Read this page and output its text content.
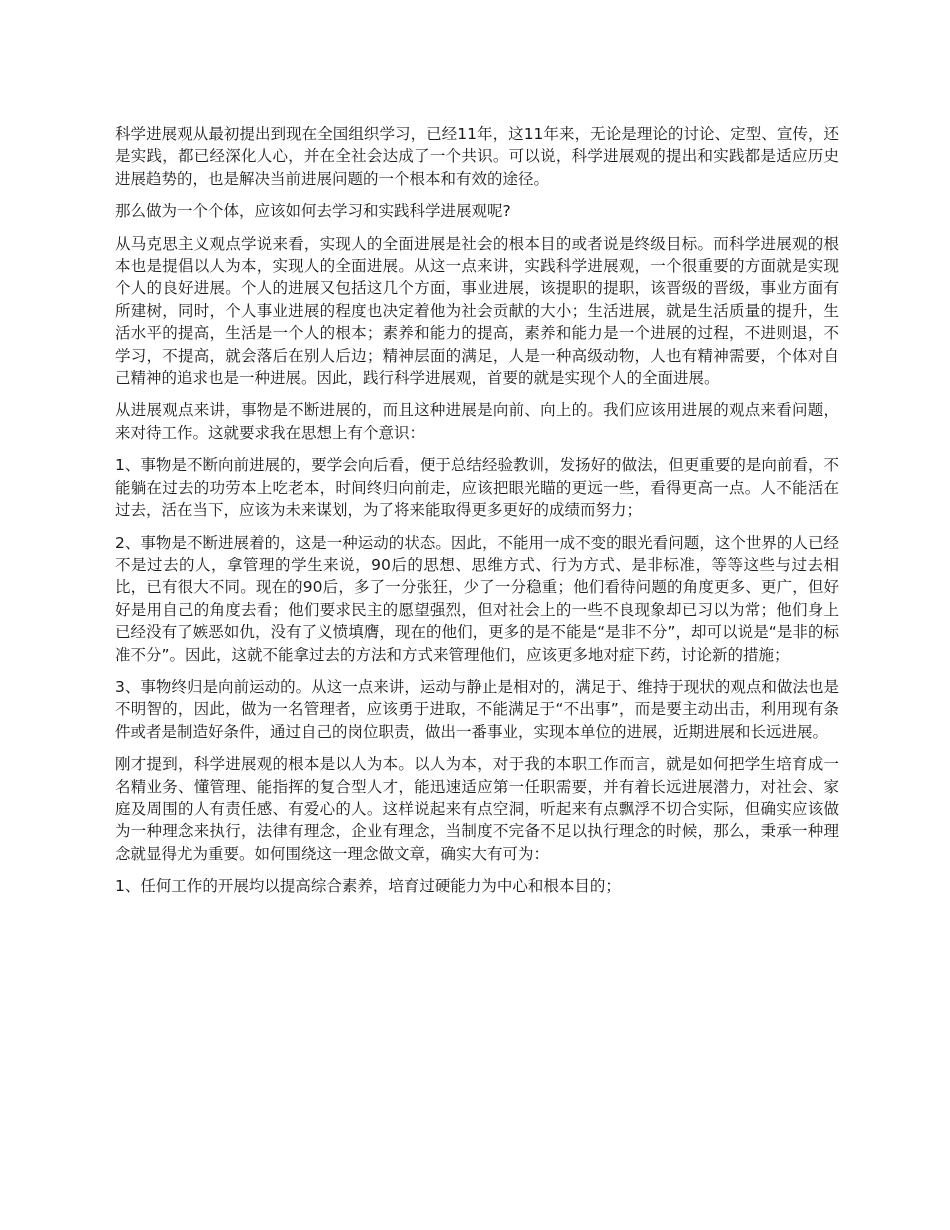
科学进展观从最初提出到现在全国组织学习，已经11年，这11年来，无论是理论的讨论、定型、宣传，还是实践，都已经深化人心，并在全社会达成了一个共识。可以说，科学进展观的提出和实践都是适应历史进展趋势的，也是解决当前进展问题的一个根本和有效的途径。

那么做为一个个体，应该如何去学习和实践科学进展观呢?

从马克思主义观点学说来看，实现人的全面进展是社会的根本目的或者说是终级目标。而科学进展观的根本也是提倡以人为本，实现人的全面进展。从这一点来讲，实践科学进展观，一个很重要的方面就是实现个人的良好进展。个人的进展又包括这几个方面，事业进展，该提职的提职，该晋级的晋级，事业方面有所建树，同时，个人事业进展的程度也决定着他为社会贡献的大小；生活进展，就是生活质量的提升，生活水平的提高，生活是一个人的根本；素养和能力的提高，素养和能力是一个进展的过程，不进则退，不学习，不提高，就会落后在别人后边；精神层面的满足，人是一种高级动物，人也有精神需要，个体对自己精神的追求也是一种进展。因此，践行科学进展观，首要的就是实现个人的全面进展。

从进展观点来讲，事物是不断进展的，而且这种进展是向前、向上的。我们应该用进展的观点来看问题，来对待工作。这就要求我在思想上有个意识：

1、事物是不断向前进展的，要学会向后看，便于总结经验教训，发扬好的做法，但更重要的是向前看，不能躺在过去的功劳本上吃老本，时间终归向前走，应该把眼光瞄的更远一些，看得更高一点。人不能活在过去，活在当下，应该为未来谋划，为了将来能取得更多更好的成绩而努力；

2、事物是不断进展着的，这是一种运动的状态。因此，不能用一成不变的眼光看问题，这个世界的人已经不是过去的人，拿管理的学生来说，90后的思想、思维方式、行为方式、是非标准，等等这些与过去相比，已有很大不同。现在的90后，多了一分张狂，少了一分稳重；他们看待问题的角度更多、更广，但好好是用自己的角度去看；他们要求民主的愿望强烈，但对社会上的一些不良现象却已习以为常；他们身上已经没有了嫉恶如仇，没有了义愤填膺，现在的他们，更多的是不能是“是非不分”，却可以说是“是非的标准不分”。因此，这就不能拿过去的方法和方式来管理他们，应该更多地对症下药，讨论新的措施；

3、事物终归是向前运动的。从这一点来讲，运动与静止是相对的，满足于、维持于现状的观点和做法也是不明智的，因此，做为一名管理者，应该勇于进取，不能满足于“不出事”，而是要主动出击，利用现有条件或者是制造好条件，通过自己的岗位职责，做出一番事业，实现本单位的进展，近期进展和长远进展。

刚才提到，科学进展观的根本是以人为本。以人为本，对于我的本职工作而言，就是如何把学生培育成一名精业务、懂管理、能指挥的复合型人才，能迅速适应第一任职需要，并有着长远进展潜力，对社会、家庭及周围的人有责任感、有爱心的人。这样说起来有点空洞，听起来有点飘浮不切合实际，但确实应该做为一种理念来执行，法律有理念，企业有理念，当制度不完备不足以执行理念的时候，那么，秉承一种理念就显得尤为重要。如何围绕这一理念做文章，确实大有可为：

1、任何工作的开展均以提高综合素养，培育过硬能力为中心和根本目的；
